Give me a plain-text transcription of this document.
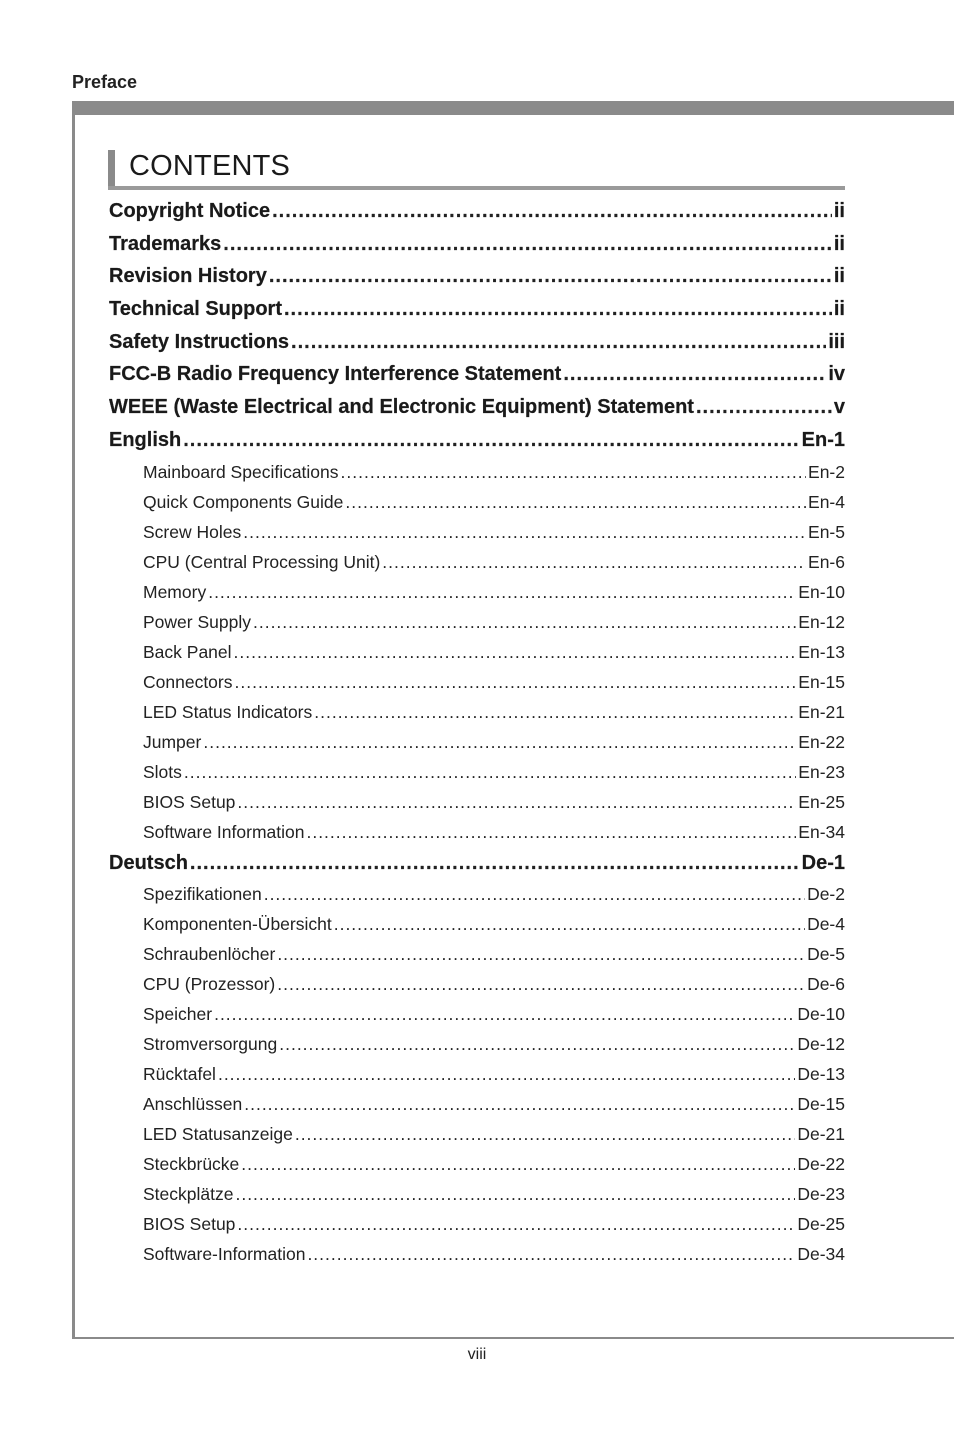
Preface
CONTENTS
Copyright Notice .....	ii
Trademarks .....	ii
Revision History .....	ii
Technical Support .....	ii
Safety Instructions .....	iii
FCC-B Radio Frequency Interference Statement .....	iv
WEEE (Waste Electrical and Electronic Equipment) Statement .....	v
English .....	En-1
Mainboard Specifications .....	En-2
Quick Components Guide .....	En-4
Screw Holes .....	En-5
CPU (Central Processing Unit) .....	En-6
Memory .....	En-10
Power Supply .....	En-12
Back Panel .....	En-13
Connectors .....	En-15
LED Status Indicators .....	En-21
Jumper .....	En-22
Slots .....	En-23
BIOS Setup .....	En-25
Software Information .....	En-34
Deutsch .....	De-1
Spezifikationen .....	De-2
Komponenten-Übersicht .....	De-4
Schraubenlöcher .....	De-5
CPU (Prozessor) .....	De-6
Speicher .....	De-10
Stromversorgung .....	De-12
Rücktafel .....	De-13
Anschlüssen .....	De-15
LED Statusanzeige .....	De-21
Steckbrücke .....	De-22
Steckplätze .....	De-23
BIOS Setup .....	De-25
Software-Information .....	De-34
viii
